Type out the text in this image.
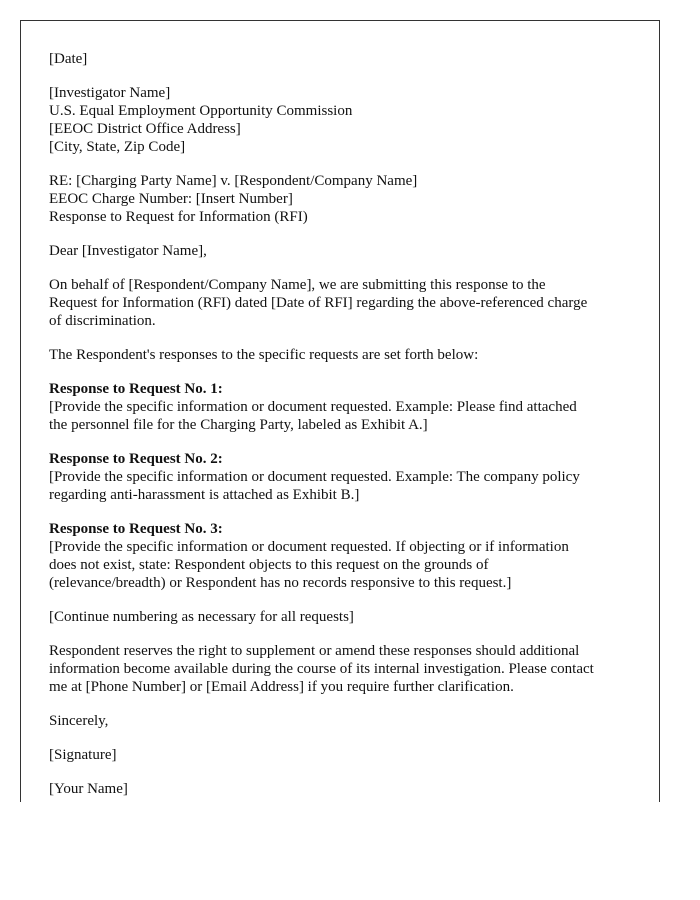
[Date]

[Investigator Name]
U.S. Equal Employment Opportunity Commission
[EEOC District Office Address]
[City, State, Zip Code]

RE: [Charging Party Name] v. [Respondent/Company Name]
EEOC Charge Number: [Insert Number]
Response to Request for Information (RFI)

Dear [Investigator Name],

On behalf of [Respondent/Company Name], we are submitting this response to the
Request for Information (RFI) dated [Date of RFI] regarding the above-referenced charge
of discrimination.

The Respondent's responses to the specific requests are set forth below:

Response to Request No. 1:
[Provide the specific information or document requested. Example: Please find attached
the personnel file for the Charging Party, labeled as Exhibit A.]

Response to Request No. 2:
[Provide the specific information or document requested. Example: The company policy
regarding anti-harassment is attached as Exhibit B.]

Response to Request No. 3:
[Provide the specific information or document requested. If objecting or if information
does not exist, state: Respondent objects to this request on the grounds of
(relevance/breadth) or Respondent has no records responsive to this request.]

[Continue numbering as necessary for all requests]

Respondent reserves the right to supplement or amend these responses should additional
information become available during the course of its internal investigation. Please contact
me at [Phone Number] or [Email Address] if you require further clarification.

Sincerely,

[Signature]

[Your Name]
